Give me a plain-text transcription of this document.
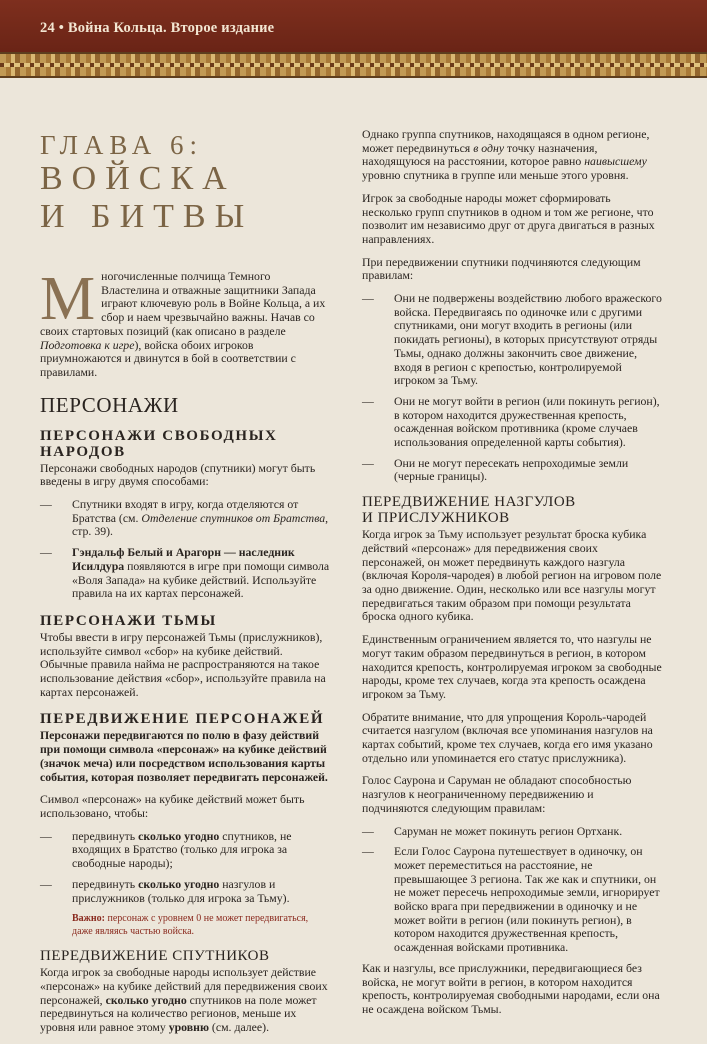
24 • Война Кольца. Второе издание
ГЛАВА 6:
ВОЙСКА
И БИТВЫ
М ногочисленные полчища Темного Властелина и отважные защитники Запада играют ключевую роль в Войне Кольца, а их сбор и наем чрезвычайно важны. Начав со своих стартовых позиций (как описано в разделе Подготовка к игре), войска обоих игроков приумножаются и двинутся в бой в соответствии с правилами.
ПЕРСОНАЖИ
ПЕРСОНАЖИ СВОБОДНЫХ НАРОДОВ

Персонажи свободных народов (спутники) могут быть введены в игру двумя способами:

—	Спутники входят в игру, когда отделяются от Братства (см. Отделение спутников от Братства, стр. 39).
—	Гэндальф Белый и Арагорн — наследник Исилдура появляются в игре при помощи символа «Воля Запада» на кубике действий. Используйте правила на их картах персонажей.
ПЕРСОНАЖИ ТЬМЫ

Чтобы ввести в игру персонажей Тьмы (прислужников), используйте символ «сбор» на кубике действий. Обычные правила найма не распространяются на такое использование действия «сбор», используйте правила на картах персонажей.

ПЕРЕДВИЖЕНИЕ ПЕРСОНАЖЕЙ

Персонажи передвигаются по полю в фазу действий при помощи символа «персонаж» на кубике действий (значок меча) или посредством использования карты события, которая позволяет передвигать персонажей.

Символ «персонаж» на кубике действий может быть использовано, чтобы:

—	передвинуть сколько угодно спутников, не входящих в Братство (только для игрока за свободные народы);
—	передвинуть сколько угодно назгулов и прислужников (только для игрока за Тьму).
Важно: персонаж с уровнем 0 не может передвигаться, даже являясь частью войска.
ПЕРЕДВИЖЕНИЕ СПУТНИКОВ

Когда игрок за свободные народы использует действие «персонаж» на кубике действий для передвижения своих персонажей, сколько угодно спутников на поле может передвинуться на количество регионов, меньше их уровня или равное этому уровню (см. далее).

Однако группа спутников, находящаяся в одном регионе, может передвинуться в одну точку назначения, находящуюся на расстоянии, которое равно наивысшему уровню спутника в группе или меньше этого уровня.

Игрок за свободные народы может сформировать несколько групп спутников в одном и том же регионе, что позволит им независимо друг от друга двигаться в разных направлениях.

При передвижении спутники подчиняются следующим правилам:

—	Они не подвержены воздействию любого вражеского войска. Передвигаясь по одиночке или с другими спутниками, они могут входить в регионы (или покидать регионы), в которых присутствуют отряды Тьмы, однако должны закончить свое движение, входя в регион с крепостью, контролируемой игроком за Тьму.
—	Они не могут войти в регион (или покинуть регион), в котором находится дружественная крепость, осажденная войском противника (кроме случаев использования определенной карты события).
—	Они не могут пересекать непроходимые земли (черные границы).
ПЕРЕДВИЖЕНИЕ НАЗГУЛОВ
И ПРИСЛУЖНИКОВ

Когда игрок за Тьму использует результат броска кубика действий «персонаж» для передвижения своих персонажей, он может передвинуть каждого назгула (включая Короля-чародея) в любой регион на игровом поле за одно движение. Один, несколько или все назгулы могут передвигаться таким образом при помощи результата броска одного кубика.

Единственным ограничением является то, что назгулы не могут таким образом передвинуться в регион, в котором находится крепость, контролируемая игроком за свободные народы, кроме тех случаев, когда эта крепость осаждена игроком за Тьму.

Обратите внимание, что для упрощения Король-чародей считается назгулом (включая все упоминания назгулов на картах событий, кроме тех случаев, когда его имя указано отдельно или упоминается его статус прислужника).

Голос Саурона и Саруман не обладают способностью назгулов к неограниченному передвижению и подчиняются следующим правилам:

—	Саруман не может покинуть регион Ортханк.
—	Если Голос Саурона путешествует в одиночку, он может переместиться на расстояние, не превышающее 3 региона. Так же как и спутники, он не может пересечь непроходимые земли, игнорирует войско врага при передвижении в одиночку и не может войти в регион (или покинуть регион), в котором находится дружественная крепость, осажденная войсками противника.

Как и назгулы, все прислужники, передвигающиеся без войска, не могут войти в регион, в котором находится крепость, контролируемая свободными народами, если она не осаждена войском Тьмы.
